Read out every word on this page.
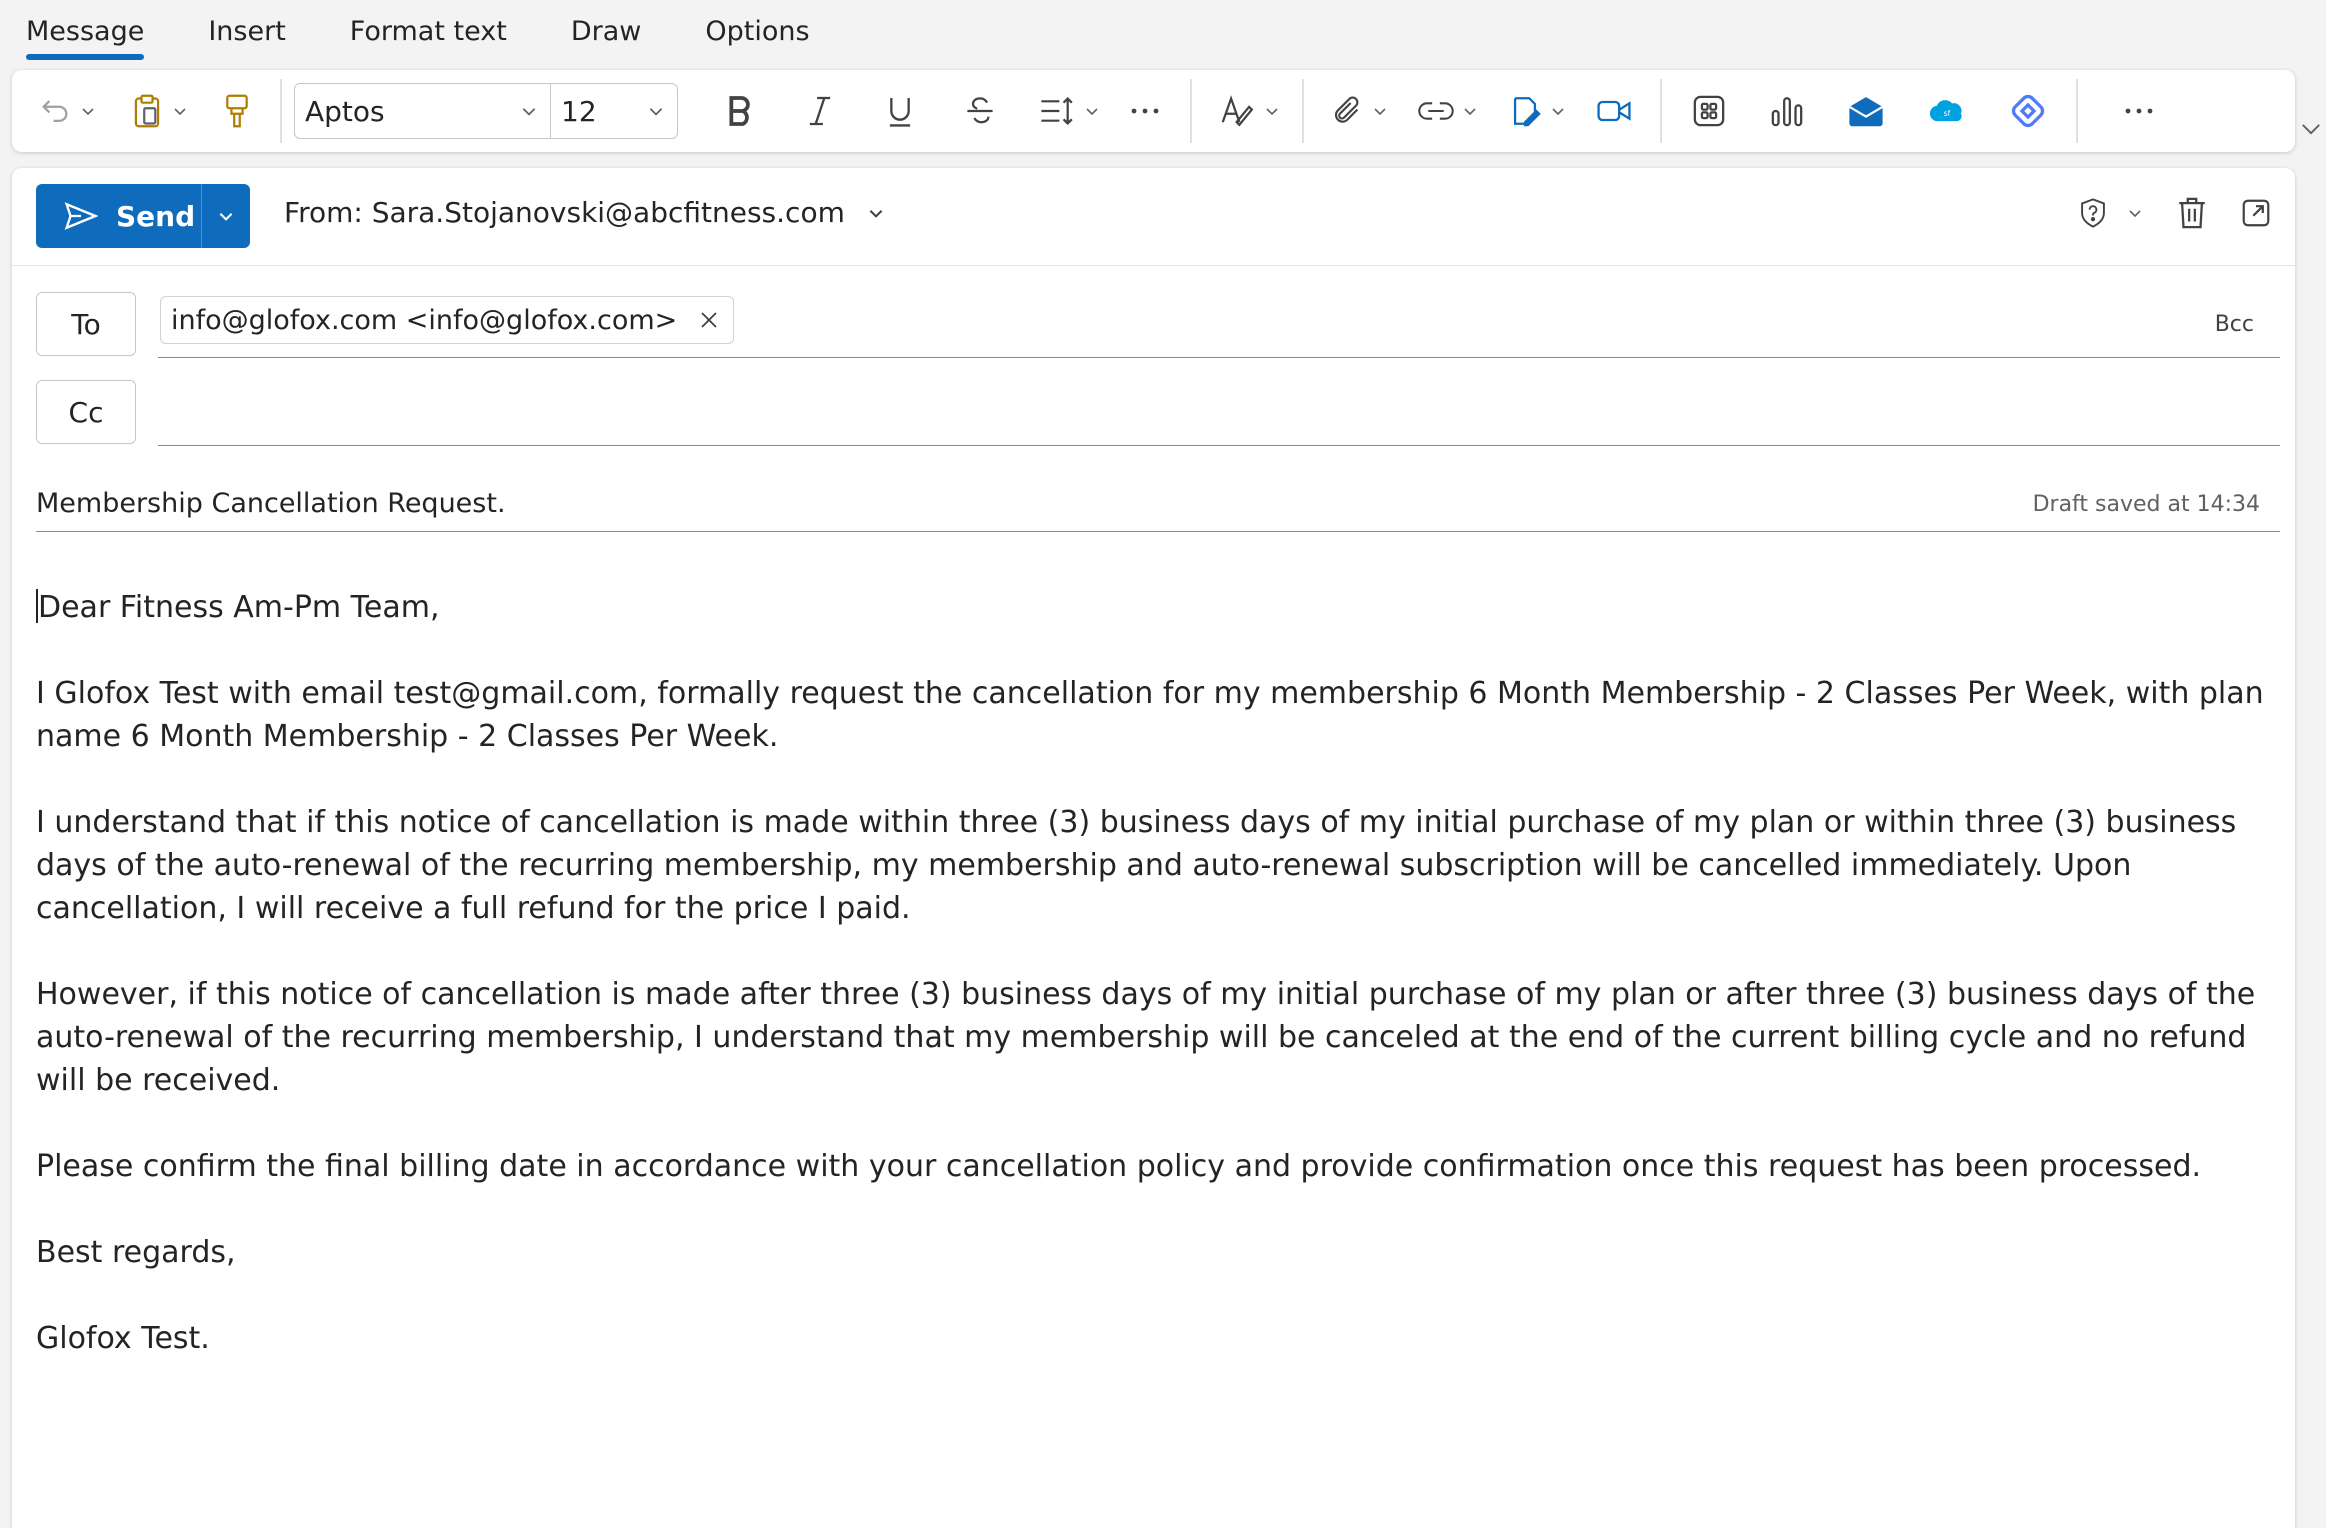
Message Insert Format text Draw Options
Aptos	12	sf
Send	From: Sara.Stojanovski@abcfitness.com
To	info@glofox.com <info@glofox.com>	Bcc
Cc
Membership Cancellation Request.	Draft saved at 14:34

Dear Fitness Am-Pm Team,

I Glofox Test with email test@gmail.com, formally request the cancellation for my membership 6 Month Membership - 2 Classes Per Week, with plan name 6 Month Membership - 2 Classes Per Week.

I understand that if this notice of cancellation is made within three (3) business days of my initial purchase of my plan or within three (3) business days of the auto-renewal of the recurring membership, my membership and auto-renewal subscription will be cancelled immediately. Upon cancellation, I will receive a full refund for the price I paid.

However, if this notice of cancellation is made after three (3) business days of my initial purchase of my plan or after three (3) business days of the auto-renewal of the recurring membership, I understand that my membership will be canceled at the end of the current billing cycle and no refund will be received.

Please confirm the final billing date in accordance with your cancellation policy and provide confirmation once this request has been processed.

Best regards,

Glofox Test.
